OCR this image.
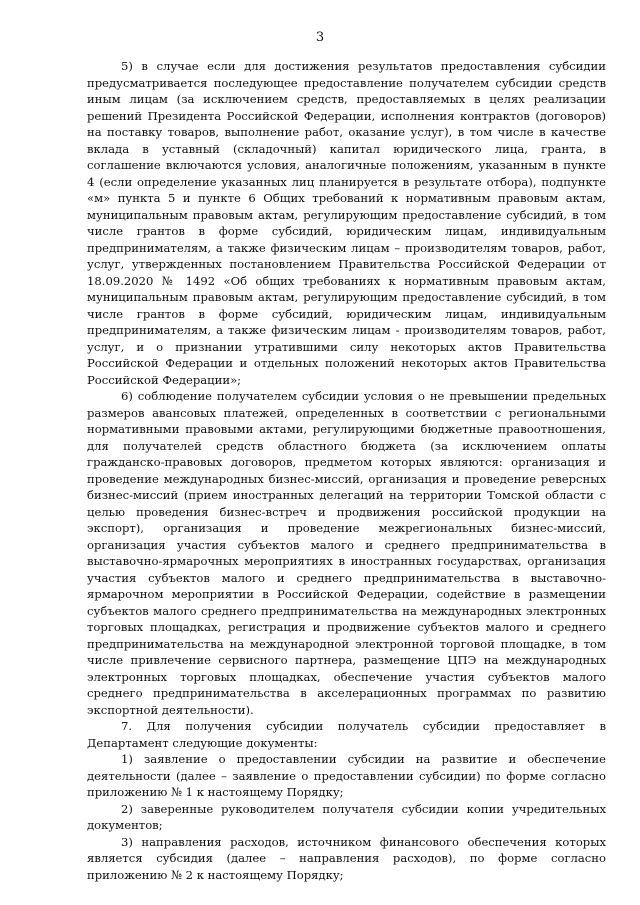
3

5) в случае если для достижения результатов предоставления субсидии предусматривается последующее предоставление получателем субсидии средств иным лицам (за исключением средств, предоставляемых в целях реализации решений Президента Российской Федерации, исполнения контрактов (договоров) на поставку товаров, выполнение работ, оказание услуг), в том числе в качестве вклада в уставный (складочный) капитал юридического лица, гранта, в соглашение включаются условия, аналогичные положениям, указанным в пункте 4 (если определение указанных лиц планируется в результате отбора), подпункте «м» пункта 5 и пункте 6 Общих требований к нормативным правовым актам, муниципальным правовым актам, регулирующим предоставление субсидий, в том числе грантов в форме субсидий, юридическим лицам, индивидуальным предпринимателям, а также физическим лицам – производителям товаров, работ, услуг, утвержденных постановлением Правительства Российской Федерации от 18.09.2020 № 1492 «Об общих требованиях к нормативным правовым актам, муниципальным правовым актам, регулирующим предоставление субсидий, в том числе грантов в форме субсидий, юридическим лицам, индивидуальным предпринимателям, а также физическим лицам - производителям товаров, работ, услуг, и о признании утратившими силу некоторых актов Правительства Российской Федерации и отдельных положений некоторых актов Правительства Российской Федерации»;

6) соблюдение получателем субсидии условия о не превышении предельных размеров авансовых платежей, определенных в соответствии с региональными нормативными правовыми актами, регулирующими бюджетные правоотношения, для получателей средств областного бюджета (за исключением оплаты гражданско-правовых договоров, предметом которых являются: организация и проведение международных бизнес-миссий, организация и проведение реверсных бизнес-миссий (прием иностранных делегаций на территории Томской области с целью проведения бизнес-встреч и продвижения российской продукции на экспорт), организация и проведение межрегиональных бизнес-миссий, организация участия субъектов малого и среднего предпринимательства в выставочно-ярмарочных мероприятиях в иностранных государствах, организация участия субъектов малого и среднего предпринимательства в выставочно-ярмарочном мероприятии в Российской Федерации, содействие в размещении субъектов малого среднего предпринимательства на международных электронных торговых площадках, регистрация и продвижение субъектов малого и среднего предпринимательства на международной электронной торговой площадке, в том числе привлечение сервисного партнера, размещение ЦПЭ на международных электронных торговых площадках, обеспечение участия субъектов малого среднего предпринимательства в акселерационных программах по развитию экспортной деятельности).

7. Для получения субсидии получатель субсидии предоставляет в Департамент следующие документы:

1) заявление о предоставлении субсидии на развитие и обеспечение деятельности (далее – заявление о предоставлении субсидии) по форме согласно приложению № 1 к настоящему Порядку;

2) заверенные руководителем получателя субсидии копии учредительных документов;

3) направления расходов, источником финансового обеспечения которых является субсидия (далее – направления расходов), по форме согласно приложению № 2 к настоящему Порядку;
